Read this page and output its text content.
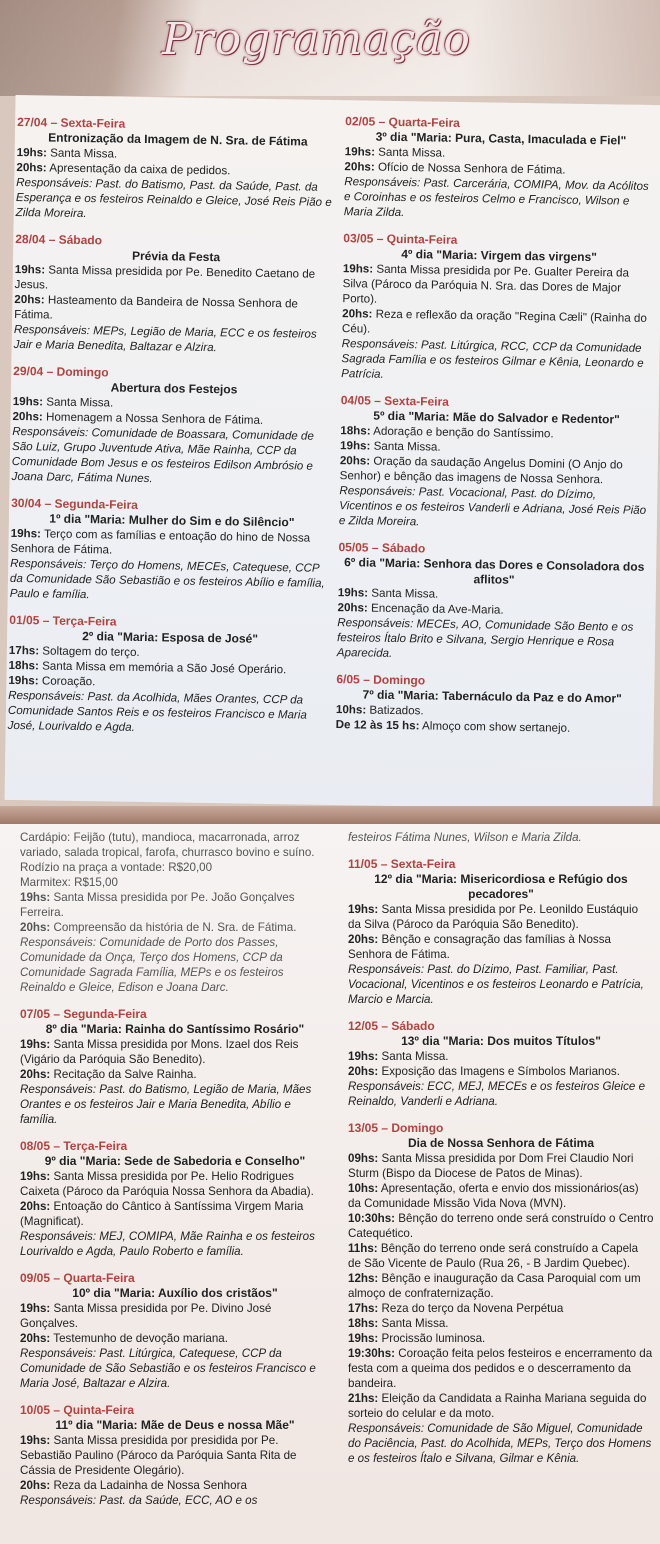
Programação
27/04 – Sexta-Feira
Entronização da Imagem de N. Sra. de Fátima

19hs: Santa Missa.

20hs: Apresentação da caixa de pedidos.

Responsáveis: Past. do Batismo, Past. da Saúde, Past. da Esperança e os festeiros Reinaldo e Gleice, José Reis Pião e Zilda Moreira.

28/04 – Sábado
Prévia da Festa

19hs: Santa Missa presidida por Pe. Benedito Caetano de Jesus.

20hs: Hasteamento da Bandeira de Nossa Senhora de Fátima.

Responsáveis: MEPs, Legião de Maria, ECC e os festeiros Jair e Maria Benedita, Baltazar e Alzira.

29/04 – Domingo
Abertura dos Festejos

19hs: Santa Missa.

20hs: Homenagem a Nossa Senhora de Fátima.

Responsáveis: Comunidade de Boassara, Comunidade de São Luiz, Grupo Juventude Ativa, Mãe Rainha, CCP da Comunidade Bom Jesus e os festeiros Edilson Ambrósio e Joana Darc, Fátima Nunes.

30/04 – Segunda-Feira
1º dia "Maria: Mulher do Sim e do Silêncio"

19hs: Terço com as famílias e entoação do hino de Nossa Senhora de Fátima.

Responsáveis: Terço do Homens, MECEs, Catequese, CCP da Comunidade São Sebastião e os festeiros Abílio e família, Paulo e família.

01/05 – Terça-Feira
2º dia "Maria: Esposa de José"

17hs: Soltagem do terço.

18hs: Santa Missa em memória a São José Operário.

19hs: Coroação.

Responsáveis: Past. da Acolhida, Mães Orantes, CCP da Comunidade Santos Reis e os festeiros Francisco e Maria José, Lourivaldo e Agda.

02/05 – Quarta-Feira
3º dia "Maria: Pura, Casta, Imaculada e Fiel"

19hs: Santa Missa.

20hs: Ofício de Nossa Senhora de Fátima.

Responsáveis: Past. Carcerária, COMIPA, Mov. da Acólitos e Coroinhas e os festeiros Celmo e Francisco, Wilson e Maria Zilda.

03/05 – Quinta-Feira
4º dia "Maria: Virgem das virgens"

19hs: Santa Missa presidida por Pe. Gualter Pereira da Silva (Pároco da Paróquia N. Sra. das Dores de Major Porto).

20hs: Reza e reflexão da oração "Regina Cæli" (Rainha do Céu).

Responsáveis: Past. Litúrgica, RCC, CCP da Comunidade Sagrada Família e os festeiros Gilmar e Kênia, Leonardo e Patrícia.

04/05 – Sexta-Feira
5º dia "Maria: Mãe do Salvador e Redentor"

18hs: Adoração e benção do Santíssimo.

19hs: Santa Missa.

20hs: Oração da saudação Angelus Domini (O Anjo do Senhor) e bênção das imagens de Nossa Senhora.

Responsáveis: Past. Vocacional, Past. do Dízimo, Vicentinos e os festeiros Vanderli e Adriana, José Reis Pião e Zilda Moreira.

05/05 – Sábado
6º dia "Maria: Senhora das Dores e Consoladora dos aflitos"

19hs: Santa Missa.

20hs: Encenação da Ave-Maria.

Responsáveis: MECEs, AO, Comunidade São Bento e os festeiros Ítalo Brito e Silvana, Sergio Henrique e Rosa Aparecida.

6/05 – Domingo
7º dia "Maria: Tabernáculo da Paz e do Amor"

10hs: Batizados.

De 12 às 15 hs: Almoço com show sertanejo.

Cardápio: Feijão (tutu), mandioca, macarronada, arroz variado, salada tropical, farofa, churrasco bovino e suíno.

Rodízio na praça a vontade: R$20,00

Marmitex: R$15,00

19hs: Santa Missa presidida por Pe. João Gonçalves Ferreira.

20hs: Compreensão da história de N. Sra. de Fátima.

Responsáveis: Comunidade de Porto dos Passes, Comunidade da Onça, Terço dos Homens, CCP da Comunidade Sagrada Família, MEPs e os festeiros Reinaldo e Gleice, Edison e Joana Darc.

07/05 – Segunda-Feira
8º dia "Maria: Rainha do Santíssimo Rosário"

19hs: Santa Missa presidida por Mons. Izael dos Reis (Vigário da Paróquia São Benedito).

20hs: Recitação da Salve Rainha.

Responsáveis: Past. do Batismo, Legião de Maria, Mães Orantes e os festeiros Jair e Maria Benedita, Abílio e família.

08/05 – Terça-Feira
9º dia "Maria: Sede de Sabedoria e Conselho"

19hs: Santa Missa presidida por Pe. Helio Rodrigues Caixeta (Pároco da Paróquia Nossa Senhora da Abadia).

20hs: Entoação do Cântico à Santíssima Virgem Maria (Magnificat).

Responsáveis: MEJ, COMIPA, Mãe Rainha e os festeiros Lourivaldo e Agda, Paulo Roberto e família.

09/05 – Quarta-Feira
10º dia "Maria: Auxílio dos cristãos"

19hs: Santa Missa presidida por Pe. Divino José Gonçalves.

20hs: Testemunho de devoção mariana.

Responsáveis: Past. Litúrgica, Catequese, CCP da Comunidade de São Sebastião e os festeiros Francisco e Maria José, Baltazar e Alzira.

10/05 – Quinta-Feira
11º dia "Maria: Mãe de Deus e nossa Mãe"

19hs: Santa Missa presidida por presidida por Pe. Sebastião Paulino (Pároco da Paróquia Santa Rita de Cássia de Presidente Olegário).

20hs: Reza da Ladainha de Nossa Senhora

Responsáveis: Past. da Saúde, ECC, AO e os

festeiros Fátima Nunes, Wilson e Maria Zilda.

11/05 – Sexta-Feira
12º dia "Maria: Misericordiosa e Refúgio dos pecadores"

19hs: Santa Missa presidida por Pe. Leonildo Eustáquio da Silva (Pároco da Paróquia São Benedito).

20hs: Bênção e consagração das famílias à Nossa Senhora de Fátima.

Responsáveis: Past. do Dízimo, Past. Familiar, Past. Vocacional, Vicentinos e os festeiros Leonardo e Patrícia, Marcio e Marcia.

12/05 – Sábado
13º dia "Maria: Dos muitos Títulos"

19hs: Santa Missa.

20hs: Exposição das Imagens e Símbolos Marianos.

Responsáveis: ECC, MEJ, MECEs e os festeiros Gleice e Reinaldo, Vanderli e Adriana.

13/05 – Domingo
Dia de Nossa Senhora de Fátima

09hs: Santa Missa presidida por Dom Frei Claudio Nori Sturm (Bispo da Diocese de Patos de Minas).

10hs: Apresentação, oferta e envio dos missionários(as) da Comunidade Missão Vida Nova (MVN).

10:30hs: Bênção do terreno onde será construído o Centro Catequético.

11hs: Bênção do terreno onde será construído a Capela de São Vicente de Paulo (Rua 26, - B Jardim Quebec).

12hs: Bênção e inauguração da Casa Paroquial com um almoço de confraternização.

17hs: Reza do terço da Novena Perpétua

18hs: Santa Missa.

19hs: Procissão luminosa.

19:30hs: Coroação feita pelos festeiros e encerramento da festa com a queima dos pedidos e o descerramento da bandeira.

21hs: Eleição da Candidata a Rainha Mariana seguida do sorteio do celular e da moto.

Responsáveis: Comunidade de São Miguel, Comunidade do Paciência, Past. do Acolhida, MEPs, Terço dos Homens e os festeiros Ítalo e Silvana, Gilmar e Kênia.
